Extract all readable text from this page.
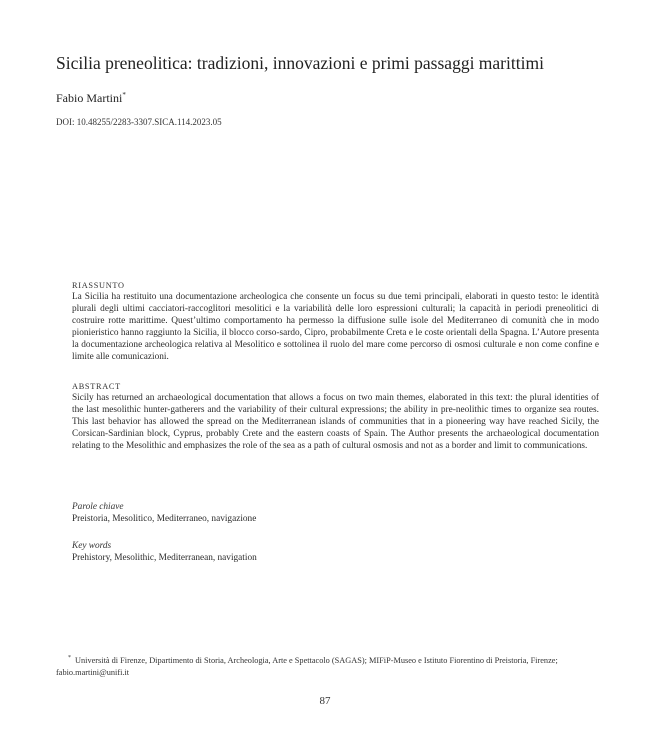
Sicilia preneolitica: tradizioni, innovazioni e primi passaggi marittimi
Fabio Martini*
DOI: 10.48255/2283-3307.SICA.114.2023.05
RIASSUNTO
La Sicilia ha restituito una documentazione archeologica che consente un focus su due temi principali, elaborati in questo testo: le identità plurali degli ultimi cacciatori-raccoglitori mesolitici e la variabilità delle loro espressioni culturali; la capacità in periodi preneolitici di costruire rotte marittime. Quest’ultimo comportamento ha permesso la diffusione sulle isole del Mediterraneo di comunità che in modo pionieristico hanno raggiunto la Sicilia, il blocco corso-sardo, Cipro, probabilmente Creta e le coste orientali della Spagna. L’Autore presenta la documentazione archeologica relativa al Mesolitico e sottolinea il ruolo del mare come percorso di osmosi culturale e non come confine e limite alle comunicazioni.
ABSTRACT
Sicily has returned an archaeological documentation that allows a focus on two main themes, elaborated in this text: the plural identities of the last mesolithic hunter-gatherers and the variability of their cultural expressions; the ability in pre-neolithic times to organize sea routes. This last behavior has allowed the spread on the Mediterranean islands of communities that in a pioneering way have reached Sicily, the Corsican-Sardinian block, Cyprus, probably Crete and the eastern coasts of Spain. The Author presents the archaeological documentation relating to the Mesolithic and emphasizes the role of the sea as a path of cultural osmosis and not as a border and limit to communications.
Parole chiave
Preistoria, Mesolitico, Mediterraneo, navigazione
Key words
Prehistory, Mesolithic, Mediterranean, navigation
* Università di Firenze, Dipartimento di Storia, Archeologia, Arte e Spettacolo (SAGAS); MIFiP-Museo e Istituto Fiorentino di Preistoria, Firenze; fabio.martini@unifi.it
87
